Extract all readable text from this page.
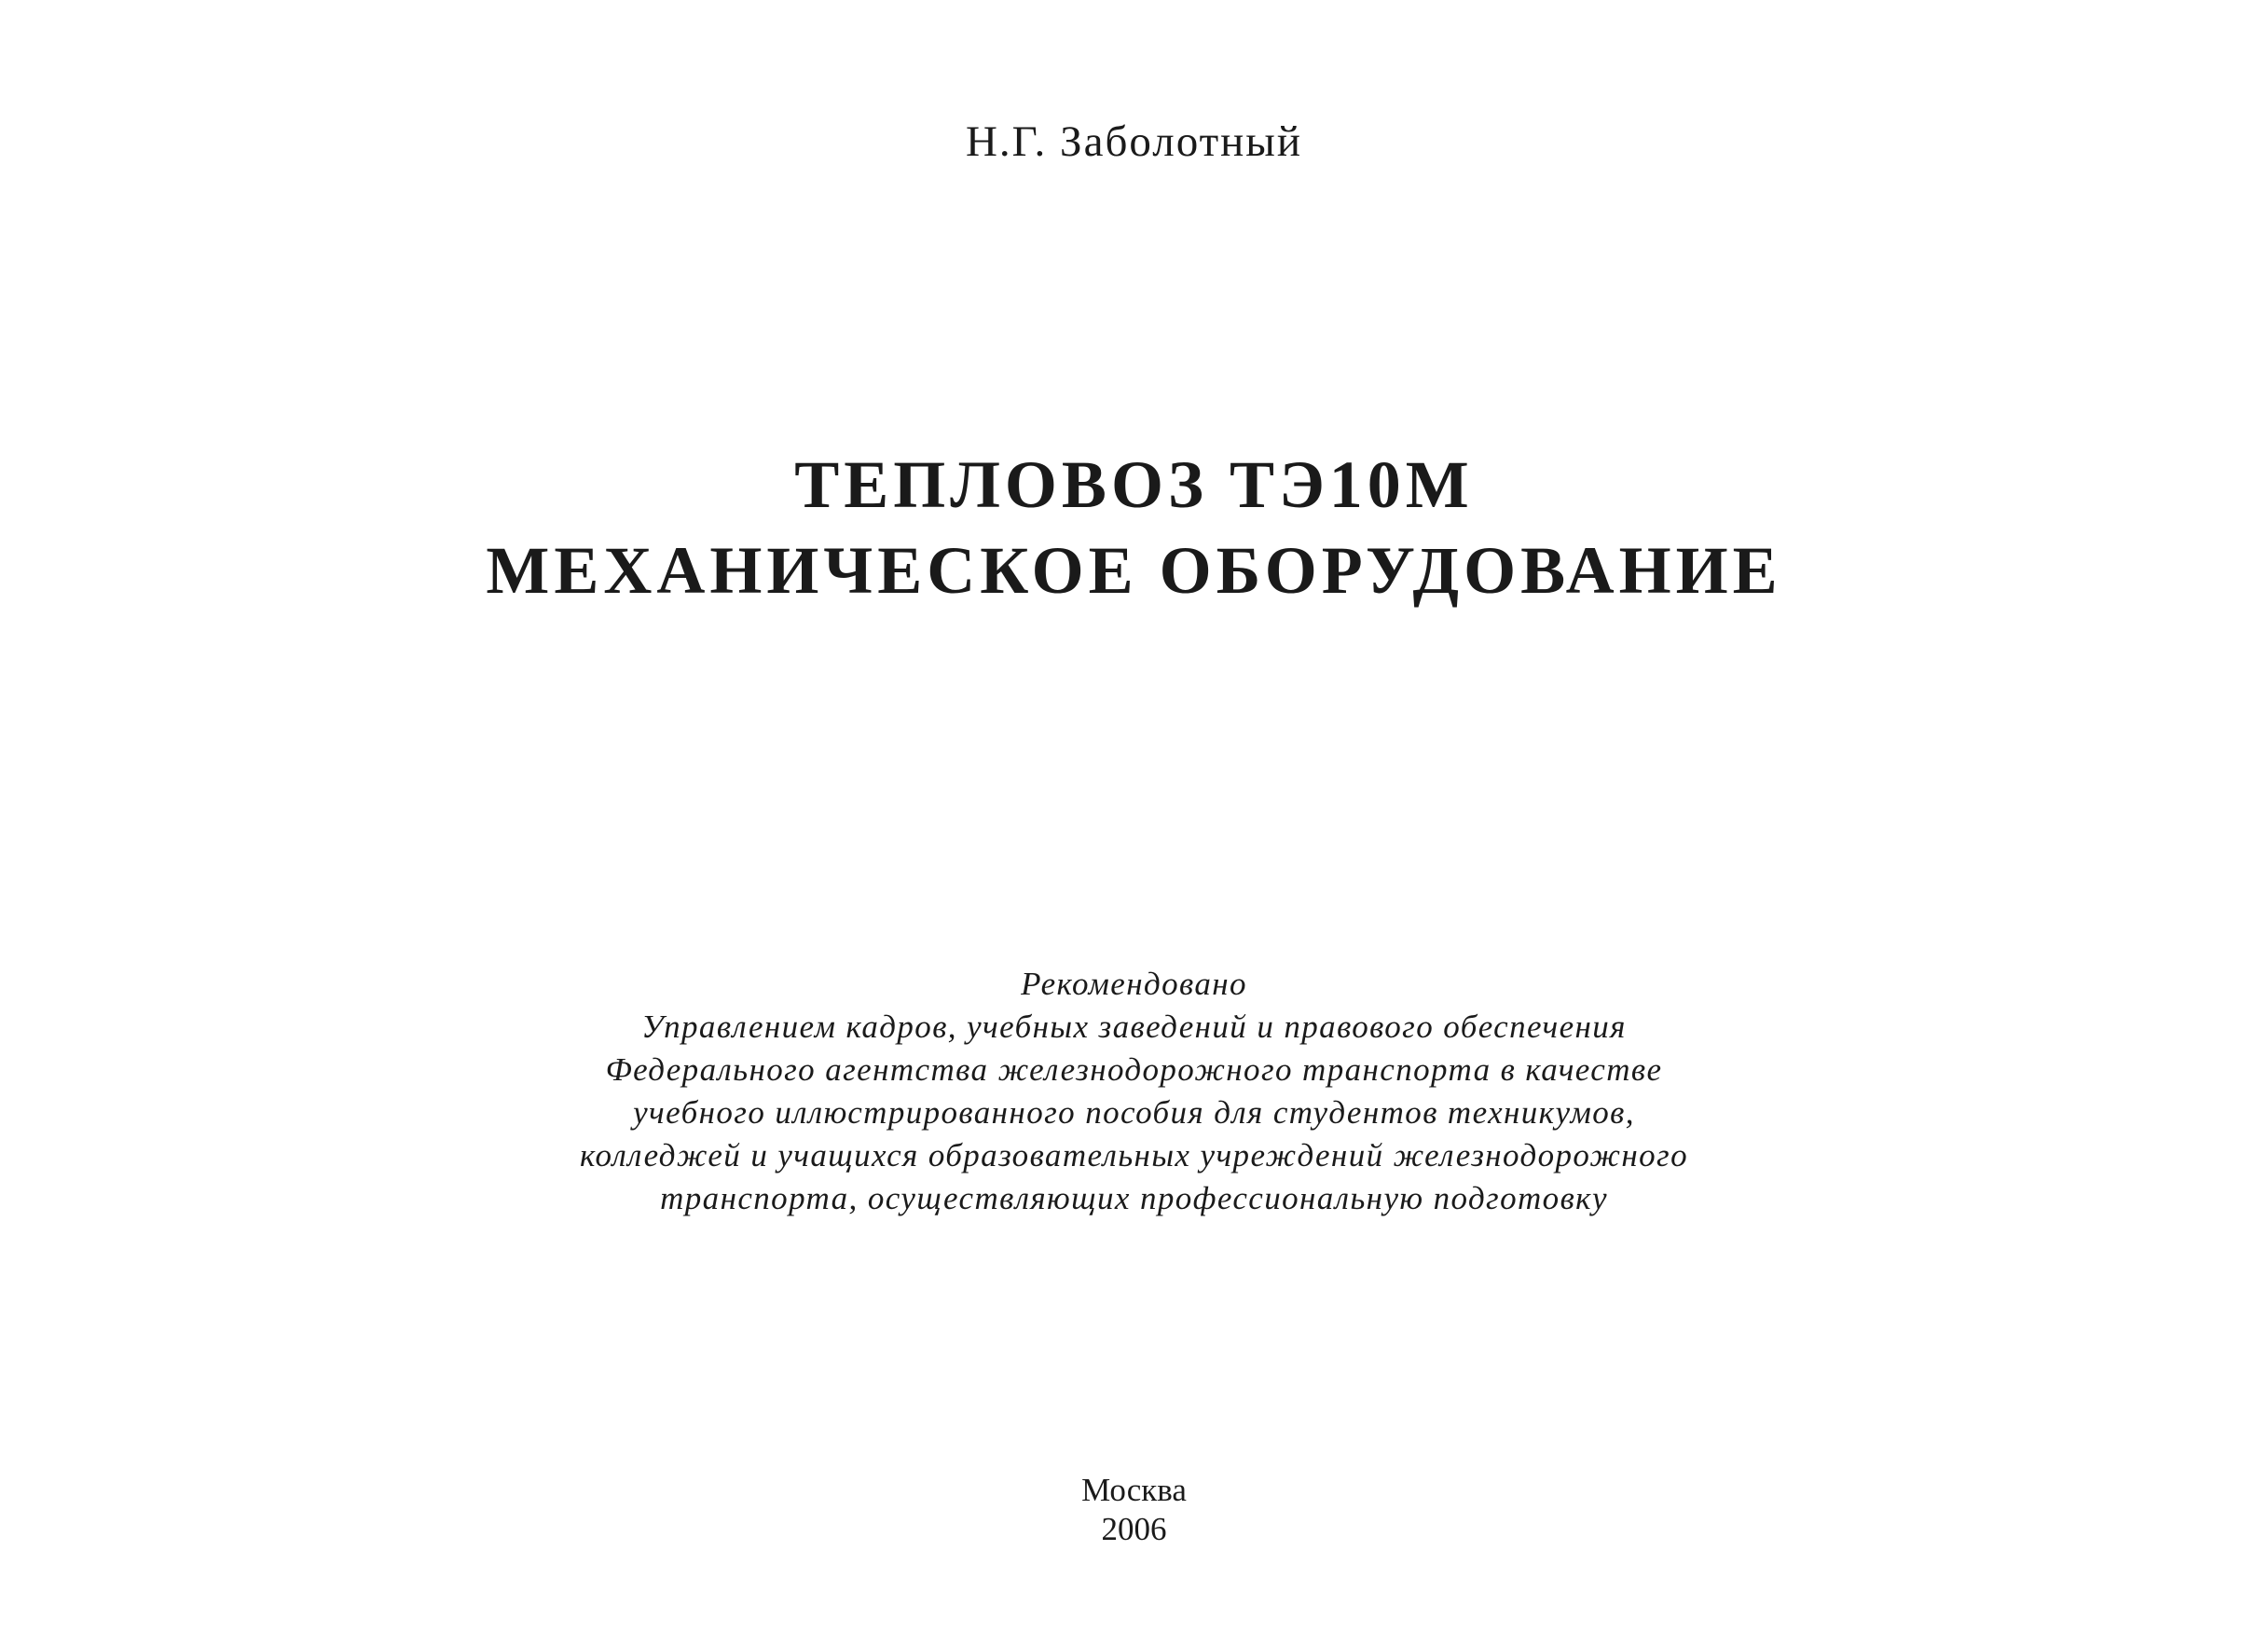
Н.Г. Заболотный
ТЕПЛОВОЗ ТЭ10М
МЕХАНИЧЕСКОЕ ОБОРУДОВАНИЕ
Рекомендовано
Управлением кадров, учебных заведений и правового обеспечения
Федерального агентства железнодорожного транспорта в качестве
учебного иллюстрированного пособия для студентов техникумов,
колледжей и учащихся образовательных учреждений железнодорожного
транспорта, осуществляющих профессиональную подготовку
Москва
2006
